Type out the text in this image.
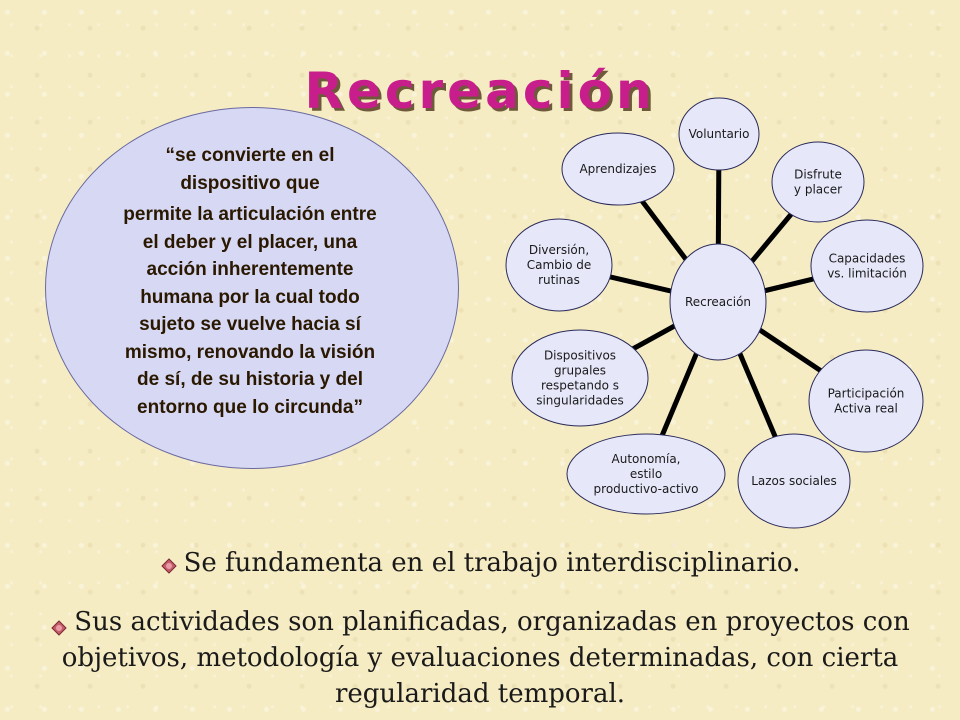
Recreación
“se convierte en el
dispositivo que
permite la articulación entre
el deber y el placer, una
acción inherentemente
humana por la cual todo
sujeto se vuelve hacia sí
mismo, renovando la visión
de sí, de su historia y del
entorno que lo circunda”
Voluntario
Disfrute
y placer
Capacidades
vs. limitación
Participación
Activa real
Lazos sociales
Autonomía,
estilo
productivo-activo
Dispositivos
grupales
respetando s
singularidades
Diversión,
Cambio de
rutinas
Aprendizajes
Recreación
Se fundamenta en el trabajo interdisciplinario.
Sus actividades son planificadas, organizadas en proyectos con objetivos, metodología y evaluaciones determinadas, con cierta regularidad temporal.
